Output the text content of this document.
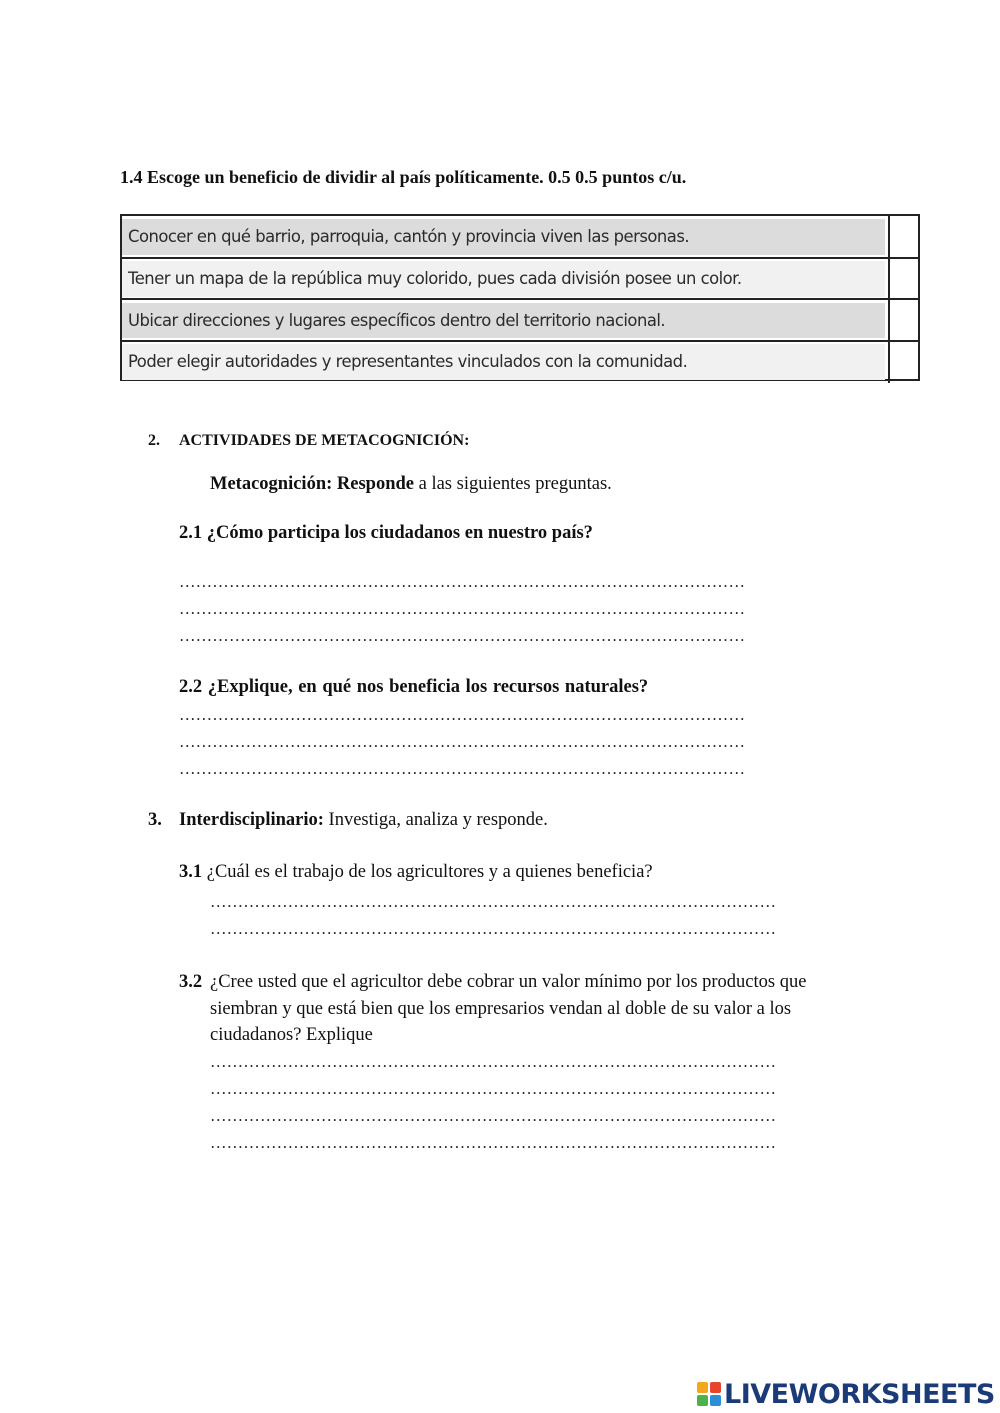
1.4 Escoge un beneficio de dividir al país políticamente. 0.5 0.5 puntos c/u.
Conocer en qué barrio, parroquia, cantón y provincia viven las personas.
Tener un mapa de la república muy colorido, pues cada división posee un color.
Ubicar direcciones y lugares específicos dentro del territorio nacional.
Poder elegir autoridades y representantes vinculados con la comunidad.
2. ACTIVIDADES DE METACOGNICIÓN:
Metacognición: Responde a las siguientes preguntas.
2.1 ¿Cómo participa los ciudadanos en nuestro país?
…………………………………………………………………………………………
…………………………………………………………………………………………
…………………………………………………………………………………………
2.2 ¿Explique, en qué nos beneficia los recursos naturales?
…………………………………………………………………………………………
…………………………………………………………………………………………
…………………………………………………………………………………………
3. Interdisciplinario: Investiga, analiza y responde.
3.1 ¿Cuál es el trabajo de los agricultores y a quienes beneficia?
…………………………………………………………………………………………
…………………………………………………………………………………………
3.2 ¿Cree usted que el agricultor debe cobrar un valor mínimo por los productos que siembran y que está bien que los empresarios vendan al doble de su valor a los ciudadanos? Explique
…………………………………………………………………………………………
…………………………………………………………………………………………
…………………………………………………………………………………………
…………………………………………………………………………………………
LIVEWORKSHEETS
